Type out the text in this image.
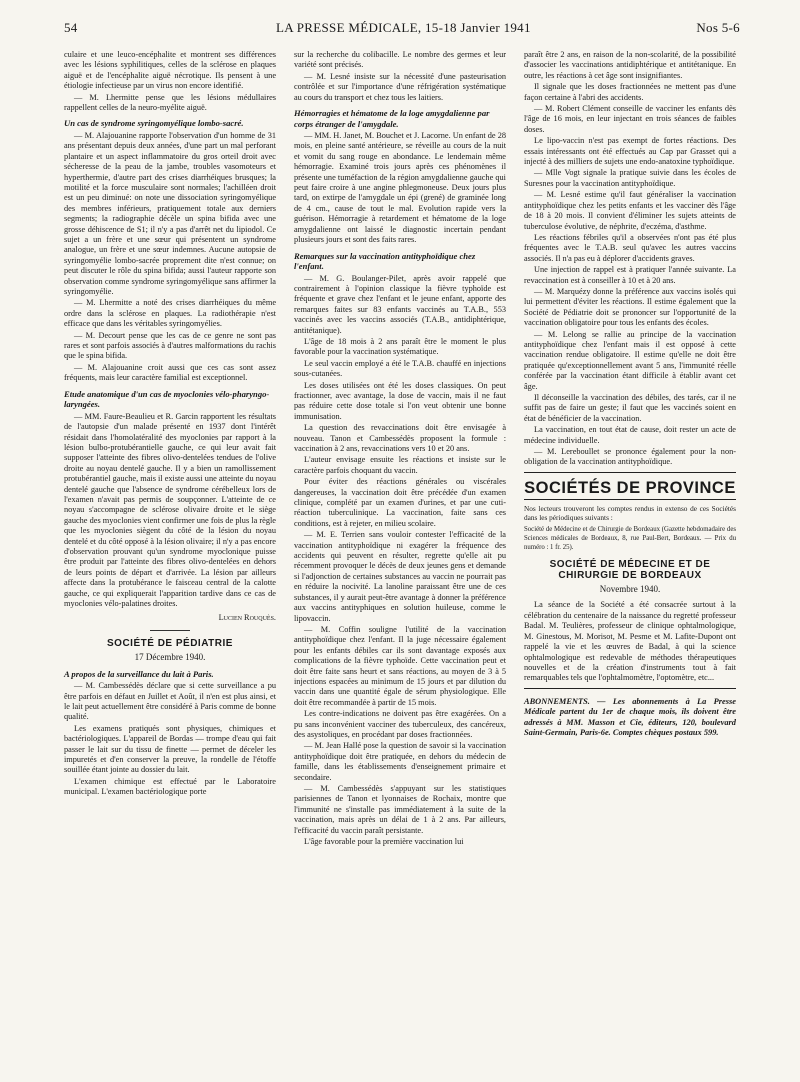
54	LA PRESSE MÉDICALE, 15-18 Janvier 1941	Nos 5-6

culaire et une leuco-encéphalite et montrent ses différences avec les lésions syphilitiques, celles de la sclérose en plaques aiguë et de l'encéphalite aiguë nécrotique. Ils pensent à une étiologie infectieuse par un virus non encore identifié.

— M. Lhermitte pense que les lésions médullaires rappellent celles de la neuro-myélite aiguë.

Un cas de syndrome syringomyélique lombo-sacré.

— M. Alajouanine rapporte l'observation d'un homme de 31 ans présentant depuis deux années, d'une part un mal perforant plantaire et un aspect inflammatoire du gros orteil droit avec sécheresse de la peau de la jambe, troubles vasomoteurs et hyperthermie, d'autre part des crises diarrhéiques brusques; la motilité et la force musculaire sont normales; l'achilléen droit est un peu diminué: on note une dissociation syringomyélique des membres inférieurs, pratiquement totale aux derniers segments; la radiographie décèle un spina bifida avec une grosse déhiscence de S1; il n'y a pas d'arrêt net du lipiodol. Ce sujet a un frère et une sœur qui présentent un syndrome analogue, un frère et une sœur indemnes. Aucune autopsie de syringomyélie lombo-sacrée proprement dite n'est connue; on peut discuter le rôle du spina bifida; aussi l'auteur rapporte son observation comme syndrome syringomyélique sans affirmer la syringomyélie.

— M. Lhermitte a noté des crises diarrhéiques du même ordre dans la sclérose en plaques. La radiothérapie n'est efficace que dans les véritables syringomyélies.

— M. Decourt pense que les cas de ce genre ne sont pas rares et sont parfois associés à d'autres malformations du rachis que le spina bifida.

— M. Alajouanine croit aussi que ces cas sont assez fréquents, mais leur caractère familial est exceptionnel.

Etude anatomique d'un cas de myoclonies vélo-pharyngo-laryngées.

— MM. Faure-Beaulieu et R. Garcin rapportent les résultats de l'autopsie d'un malade présenté en 1937 dont l'intérêt résidait dans l'homolatéralité des myoclonies par rapport à la lésion bulbo-protubérantielle gauche, ce qui leur avait fait supposer l'atteinte des fibres olivo-dentelées tendues de l'olive droite au noyau dentelé gauche. Il y a bien un ramollissement protubérantiel gauche, mais il existe aussi une atteinte du noyau dentelé gauche que l'absence de syndrome cérébelleux lors de l'examen n'avait pas permis de soupçonner. L'atteinte de ce noyau s'accompagne de sclérose olivaire droite et le siège gauche des myoclonies vient confirmer une fois de plus la règle que les myoclonies siègent du côté de la lésion du noyau dentelé et du côté opposé à la lésion olivaire; il n'y a pas encore d'observation prouvant qu'un syndrome myoclonique puisse être produit par l'atteinte des fibres olivo-dentelées en dehors de leurs points de départ et d'arrivée. La lésion par ailleurs affecte dans la protubérance le faisceau central de la calotte gauche, ce qui expliquerait l'apparition tardive dans ce cas de myoclonies vélo-palatines droites.

Lucien Rouquès.
SOCIÉTÉ DE PÉDIATRIE
17 Décembre 1940.
A propos de la surveillance du lait à Paris.

— M. Cambessédès déclare que si cette surveillance a pu être parfois en défaut en Juillet et Août, il n'en est plus ainsi, et le lait peut actuellement être considéré à Paris comme de bonne qualité.

Les examens pratiqués sont physiques, chimiques et bactériologiques. L'appareil de Bordas — trompe d'eau qui fait passer le lait sur du tissu de finette — permet de déceler les impuretés et d'en conserver la preuve, la rondelle de l'étoffe souillée étant jointe au dossier du lait.

L'examen chimique est effectué par le Laboratoire municipal. L'examen bactériologique porte

sur la recherche du colibacille. Le nombre des germes et leur variété sont précisés.

— M. Lesné insiste sur la nécessité d'une pasteurisation contrôlée et sur l'importance d'une réfrigération systématique au cours du transport et chez tous les laitiers.

Hémorragies et hématome de la loge amygdalienne par corps étranger de l'amygdale.

— MM. H. Janet, M. Bouchet et J. Lacorne. Un enfant de 28 mois, en pleine santé antérieure, se réveille au cours de la nuit et vomit du sang rouge en abondance. Le lendemain même hémorragie. Examiné trois jours après ces phénomènes il présente une tuméfaction de la région amygdalienne gauche qui peut faire croire à une angine phlegmoneuse. Deux jours plus tard, on extirpe de l'amygdale un épi (grené) de graminée long de 4 cm., cause de tout le mal. Evolution rapide vers la guérison. Hémorragie à retardement et hématome de la loge amygdalienne ont laissé le diagnostic incertain pendant plusieurs jours et sont des faits rares.

Remarques sur la vaccination antityphoïdique chez l'enfant.

— M. G. Boulanger-Pilet, après avoir rappelé que contrairement à l'opinion classique la fièvre typhoïde est fréquente et grave chez l'enfant et le jeune enfant, apporte des remarques faites sur 83 enfants vaccinés au T.A.B., 553 vaccinés avec les vaccins associés (T.A.B., antidiphtérique, antitétanique).

L'âge de 18 mois à 2 ans paraît être le moment le plus favorable pour la vaccination systématique.

Le seul vaccin employé a été le T.A.B. chauffé en injections sous-cutanées.

Les doses utilisées ont été les doses classiques. On peut fractionner, avec avantage, la dose de vaccin, mais il ne faut pas réduire cette dose totale si l'on veut obtenir une bonne immunisation.

La question des revaccinations doit être envisagée à nouveau. Tanon et Cambessédès proposent la formule : vaccination à 2 ans, revaccinations vers 10 et 20 ans.

L'auteur envisage ensuite les réactions et insiste sur le caractère parfois choquant du vaccin.

Pour éviter des réactions générales ou viscérales dangereuses, la vaccination doit être précédée d'un examen clinique, complété par un examen d'urines, et par une cuti-réaction tuberculinique. La vaccination, faite sans ces conditions, est à rejeter, en milieu scolaire.

— M. E. Terrien sans vouloir contester l'efficacité de la vaccination antityphoïdique ni exagérer la fréquence des accidents qui peuvent en résulter, regrette qu'elle ait pu récemment provoquer le décès de deux jeunes gens et demande si l'adjonction de certaines substances au vaccin ne pourrait pas en réduire la nocivité. La lanoline paraissant être une de ces substances, il y aurait peut-être avantage à donner la préférence aux vaccins antityphiques en solution huileuse, comme le lipovaccin.

— M. Coffin souligne l'utilité de la vaccination antityphoïdique chez l'enfant. Il la juge nécessaire également pour les enfants débiles car ils sont davantage exposés aux complications de la fièvre typhoïde. Cette vaccination peut et doit être faite sans heurt et sans réactions, au moyen de 3 à 5 injections espacées au minimum de 15 jours et par dilution du vaccin dans une quantité égale de sérum physiologique. Elle doit être recommandée à partir de 15 mois.

Les contre-indications ne doivent pas être exagérées. On a pu sans inconvénient vacciner des tuberculeux, des cancéreux, des asystoliques, en procédant par doses fractionnées.

— M. Jean Hallé pose la question de savoir si la vaccination antityphoïdique doit être pratiquée, en dehors du médecin de famille, dans les établissements d'enseignement primaire et secondaire.

— M. Cambessédès s'appuyant sur les statistiques parisiennes de Tanon et lyonnaises de Rochaix, montre que l'immunité ne s'installe pas immédiatement à la suite de la vaccination, mais après un délai de 1 à 2 ans. Par ailleurs, l'efficacité du vaccin paraît persistante.

L'âge favorable pour la première vaccination lui

paraît être 2 ans, en raison de la non-scolarité, de la possibilité d'associer les vaccinations antidiphtérique et antitétanique. En outre, les réactions à cet âge sont insignifiantes.

Il signale que les doses fractionnées ne mettent pas d'une façon certaine à l'abri des accidents.

— M. Robert Clément conseille de vacciner les enfants dès l'âge de 16 mois, en leur injectant en trois séances de faibles doses.

Le lipo-vaccin n'est pas exempt de fortes réactions. Des essais intéressants ont été effectués au Cap par Grasset qui a injecté à des milliers de sujets une endo-anatoxine typhoïdique.

— Mlle Vogt signale la pratique suivie dans les écoles de Suresnes pour la vaccination antityphoïdique.

— M. Lesné estime qu'il faut généraliser la vaccination antityphoïdique chez les petits enfants et les vacciner dès l'âge de 18 à 20 mois. Il convient d'éliminer les sujets atteints de tuberculose évolutive, de néphrite, d'eczéma, d'asthme.

Les réactions fébriles qu'il a observées n'ont pas été plus fréquentes avec le T.A.B. seul qu'avec les autres vaccins associés. Il n'a pas eu à déplorer d'accidents graves.

Une injection de rappel est à pratiquer l'année suivante. La revaccination est à conseiller à 10 et à 20 ans.

— M. Marquézy donne la préférence aux vaccins isolés qui lui permettent d'éviter les réactions. Il estime également que la Société de Pédiatrie doit se prononcer sur l'opportunité de la vaccination obligatoire pour tous les enfants des écoles.

— M. Lelong se rallie au principe de la vaccination antityphoïdique chez l'enfant mais il est opposé à cette vaccination rendue obligatoire. Il estime qu'elle ne doit être pratiquée qu'exceptionnellement avant 5 ans, l'immunité réelle conférée par la vaccination étant difficile à établir avant cet âge.

Il déconseille la vaccination des débiles, des tarés, car il ne suffit pas de faire un geste; il faut que les vaccinés soient en état de bénéficier de la vaccination.

La vaccination, en tout état de cause, doit rester un acte de médecine individuelle.

— M. Lereboullet se prononce également pour la non-obligation de la vaccination antityphoïdique.

SOCIÉTÉS DE PROVINCE
Nos lecteurs trouveront les comptes rendus in extenso de ces Sociétés dans les périodiques suivants :
Société de Médecine et de Chirurgie de Bordeaux (Gazette hebdomadaire des Sciences médicales de Bordeaux, 8, rue Paul-Bert, Bordeaux. — Prix du numéro : 1 fr. 25).
SOCIÉTÉ DE MÉDECINE ET DE CHIRURGIE DE BORDEAUX
Novembre 1940.

La séance de la Société a été consacrée surtout à la célébration du centenaire de la naissance du regretté professeur Badal. M. Teulières, professeur de clinique ophtalmologique, M. Ginestous, M. Morisot, M. Pesme et M. Lafite-Dupont ont rappelé la vie et les œuvres de Badal, à qui la science ophtalmologique est redevable de méthodes thérapeutiques nouvelles et de la création d'instruments tout à fait remarquables tels que l'ophtalmomètre, l'optomètre, etc...

ABONNEMENTS. — Les abonnements à La Presse Médicale partent du 1er de chaque mois, ils doivent être adressés à MM. Masson et Cie, éditeurs, 120, boulevard Saint-Germain, Paris-6e. Comptes chèques postaux 599.
